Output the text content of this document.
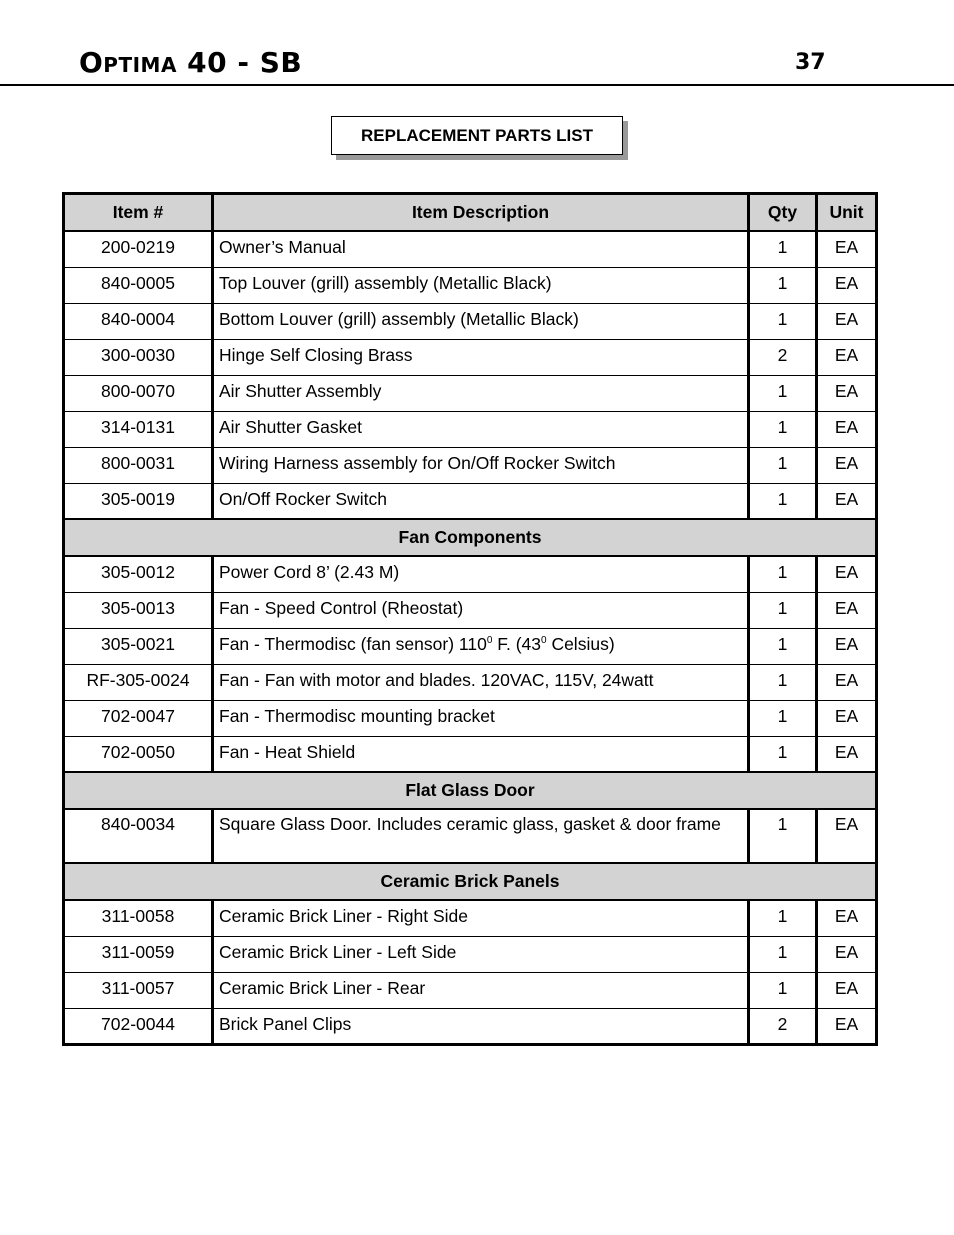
Optima 40 - SB	37
REPLACEMENT PARTS LIST
Item #	Item Description	Qty	Unit
200-0219	Owner’s Manual	1	EA
840-0005	Top Louver (grill) assembly (Metallic Black)	1	EA
840-0004	Bottom Louver (grill) assembly (Metallic Black)	1	EA
300-0030	Hinge Self Closing Brass	2	EA
800-0070	Air Shutter Assembly	1	EA
314-0131	Air Shutter Gasket	1	EA
800-0031	Wiring Harness assembly for On/Off Rocker Switch	1	EA
305-0019	On/Off Rocker Switch	1	EA
Fan Components			
305-0012	Power Cord 8’ (2.43 M)	1	EA
305-0013	Fan - Speed Control (Rheostat)	1	EA
305-0021	Fan - Thermodisc (fan sensor) $110^0$ F. ($43^0$ Celsius)	1	EA
RF-305-0024	Fan - Fan with motor and blades. 120VAC, 115V, 24watt	1	EA
702-0047	Fan - Thermodisc mounting bracket	1	EA
702-0050	Fan - Heat Shield	1	EA
Flat Glass Door			
840-0034	Square Glass Door. Includes ceramic glass, gasket & door frame	1	EA
Ceramic Brick Panels			
311-0058	Ceramic Brick Liner - Right Side	1	EA
311-0059	Ceramic Brick Liner - Left Side	1	EA
311-0057	Ceramic Brick Liner - Rear	1	EA
702-0044	Brick Panel Clips	2	EA
